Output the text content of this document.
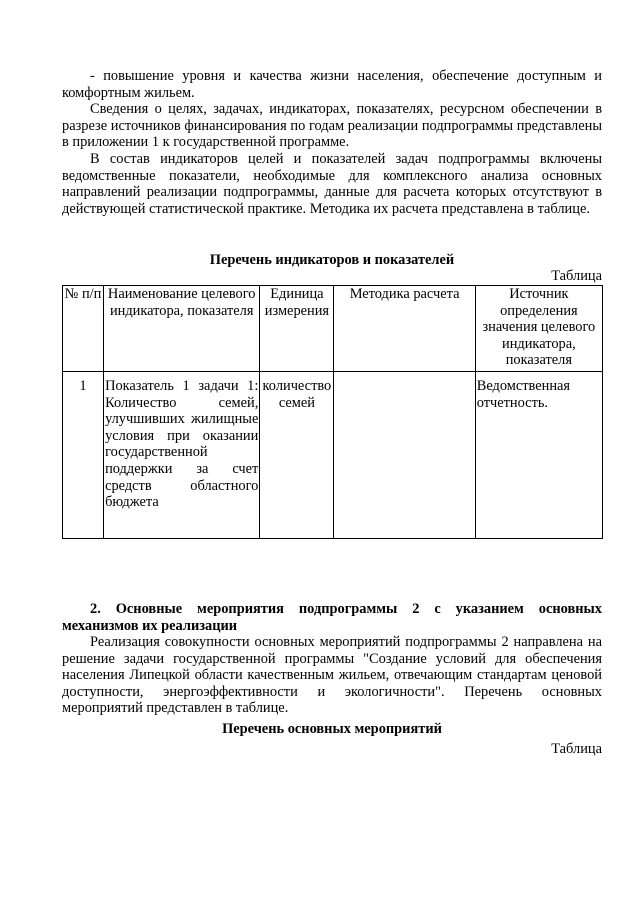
- повышение уровня и качества жизни населения, обеспечение доступным и комфортным жильем.

Сведения о целях, задачах, индикаторах, показателях, ресурсном обеспечении в разрезе источников финансирования по годам реализации подпрограммы представлены в приложении 1 к государственной программе.

В состав индикаторов целей и показателей задач подпрограммы включены ведомственные показатели, необходимые для комплексного анализа основных направлений реализации подпрограммы, данные для расчета которых отсутствуют в действующей статистической практике. Методика их расчета представлена в таблице.

Перечень индикаторов и показателей
Таблица
№ п/п	Наименование целевого индикатора, показателя	Единица измерения	Методика расчета	Источник определения значения целевого индикатора, показателя
1	Показатель 1 задачи 1: Количество семей, улучшивших жилищные условия при оказании государственной поддержки за счет средств областного бюджета	количество семей		Ведомственная отчетность.

2. Основные мероприятия подпрограммы 2 с указанием основных механизмов их реализации

Реализация совокупности основных мероприятий подпрограммы 2 направлена на решение задачи государственной программы "Создание условий для обеспечения населения Липецкой области качественным жильем, отвечающим стандартам ценовой доступности, энергоэффективности и экологичности". Перечень основных мероприятий представлен в таблице.

Перечень основных мероприятий
Таблица
